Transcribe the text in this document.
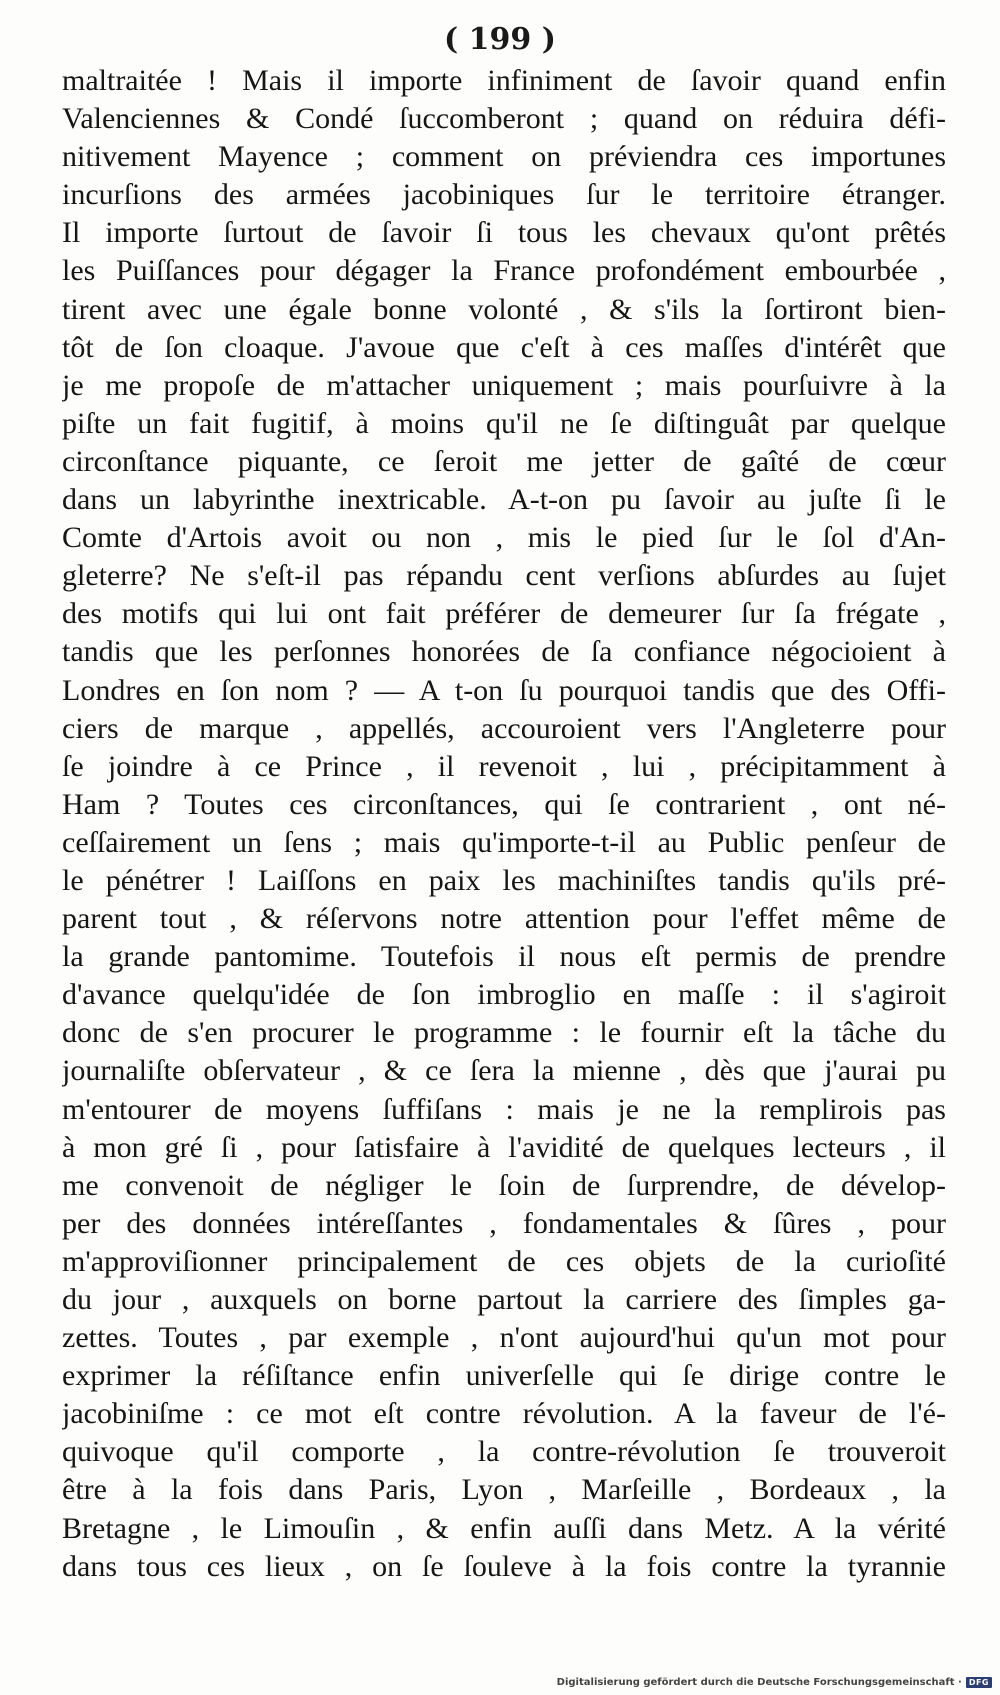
( 199 )
maltraitée ! Mais il importe infiniment de ſavoir quand enfin
Valenciennes & Condé ſuccomberont ; quand on réduira défi-
nitivement Mayence ; comment on préviendra ces importunes
incurſions des armées jacobiniques ſur le territoire étranger.
Il importe ſurtout de ſavoir ſi tous les chevaux qu'ont prêtés
les Puiſſances pour dégager la France profondément embourbée ,
tirent avec une égale bonne volonté , & s'ils la ſortiront bien-
tôt de ſon cloaque. J'avoue que c'eſt à ces maſſes d'intérêt que
je me propoſe de m'attacher uniquement ; mais pourſuivre à la
piſte un fait fugitif, à moins qu'il ne ſe diſtinguât par quelque
circonſtance piquante, ce ſeroit me jetter de gaîté de cœur
dans un labyrinthe inextricable. A-t-on pu ſavoir au juſte ſi le
Comte d'Artois avoit ou non , mis le pied ſur le ſol d'An-
gleterre? Ne s'eſt-il pas répandu cent verſions abſurdes au ſujet
des motifs qui lui ont fait préférer de demeurer ſur ſa frégate ,
tandis que les perſonnes honorées de ſa confiance négocioient à
Londres en ſon nom ? — A t-on ſu pourquoi tandis que des Offi-
ciers de marque , appellés, accouroient vers l'Angleterre pour
ſe joindre à ce Prince , il revenoit , lui , précipitamment à
Ham ? Toutes ces circonſtances, qui ſe contrarient , ont né-
ceſſairement un ſens ; mais qu'importe-t-il au Public penſeur de
le pénétrer ! Laiſſons en paix les machiniſtes tandis qu'ils pré-
parent tout , & réſervons notre attention pour l'effet même de
la grande pantomime. Toutefois il nous eſt permis de prendre
d'avance quelqu'idée de ſon imbroglio en maſſe : il s'agiroit
donc de s'en procurer le programme : le fournir eſt la tâche du
journaliſte obſervateur , & ce ſera la mienne , dès que j'aurai pu
m'entourer de moyens ſuffiſans : mais je ne la remplirois pas
à mon gré ſi , pour ſatisfaire à l'avidité de quelques lecteurs , il
me convenoit de négliger le ſoin de ſurprendre, de dévelop-
per des données intéreſſantes , fondamentales & ſûres , pour
m'approviſionner principalement de ces objets de la curioſité
du jour , auxquels on borne partout la carriere des ſimples ga-
zettes. Toutes , par exemple , n'ont aujourd'hui qu'un mot pour
exprimer la réſiſtance enfin univerſelle qui ſe dirige contre le
jacobiniſme : ce mot eſt contre révolution. A la faveur de l'é-
quivoque qu'il comporte , la contre-révolution ſe trouveroit
être à la fois dans Paris, Lyon , Marſeille , Bordeaux , la
Bretagne , le Limouſin , & enfin auſſi dans Metz. A la vérité
dans tous ces lieux , on ſe ſouleve à la fois contre la tyrannie
Digitalisierung gefördert durch die Deutsche Forschungsgemeinschaft · DFG
